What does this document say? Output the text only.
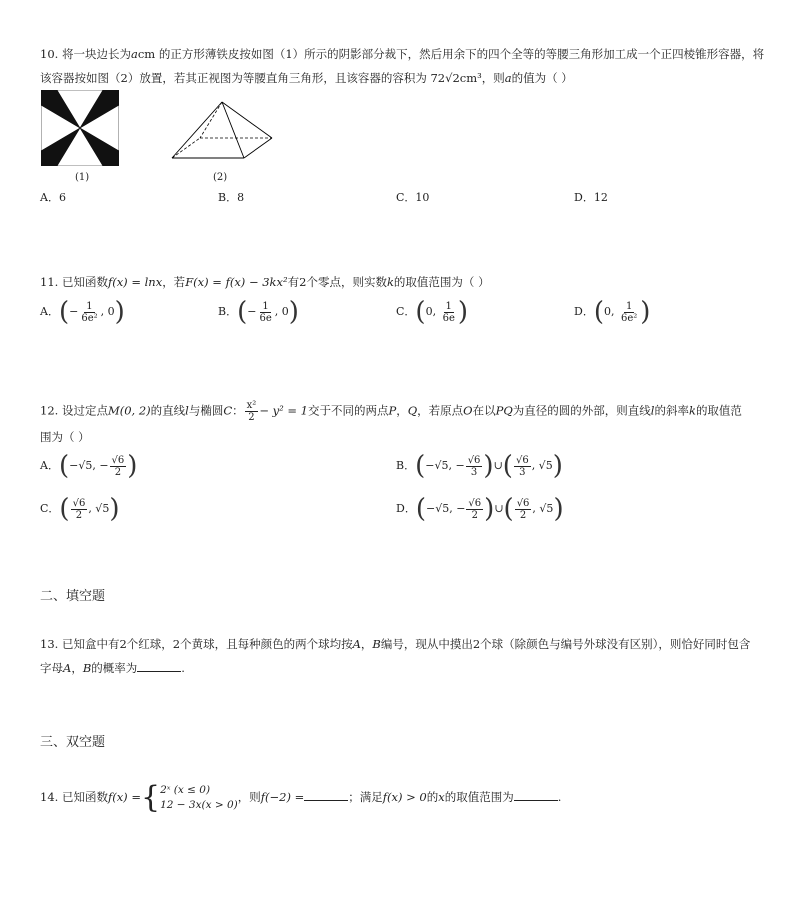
10. 将一块边长为acm 的正方形薄铁皮按如图（1）所示的阴影部分裁下，然后用余下的四个全等的等腰三角形加工成一个正四棱锥形容器，将
该容器按如图（2）放置，若其正视图为等腰直角三角形，且该容器的容积为 72√2cm³，则a的值为（ ）
(1)	(2)
A．6	B．8	C．10	D．12
11. 已知函数f(x) = lnx，若F(x) = f(x) − 3kx²有2个零点，则实数k的取值范围为（ ）
A．(− $\frac{1}{\text{6e²}}$ , 0)	B．(− $\frac{1}{6e}$ , 0)	C．(0, $\frac{1}{6e}$ )	D．(0, $\frac{1}{\text{6e²}}$ )
12. 设过定点M(0, 2)的直线l与椭圆C： $\frac{\text{x²}}{2} - y^2 = 1$交于不同的两点P，Q，若原点O在以PQ为直径的圆的外部，则直线l的斜率k的取值范
围为（ ）
A．(−√5, − $\frac{√6}{2}$ )	B．(−√5, − $\frac{√6}{3}$ )∪( $\frac{√6}{3}$ , √5)
C．( $\frac{√6}{2}$ , √5)	D．(−√5, − $\frac{√6}{2}$ )∪( $\frac{√6}{2}$ , √5)
二、填空题
13. 已知盒中有2个红球，2个黄球，且每种颜色的两个球均按A，B编号，现从中摸出2个球（除颜色与编号外球没有区别），则恰好同时包含
字母A，B的概率为	.
三、双空题
14. 已知函数f(x) = { 2ˣ (x ≤ 0)
12 − 3x(x > 0)
，则f(−2) =	；满足f(x) > 0的x的取值范围为	.
